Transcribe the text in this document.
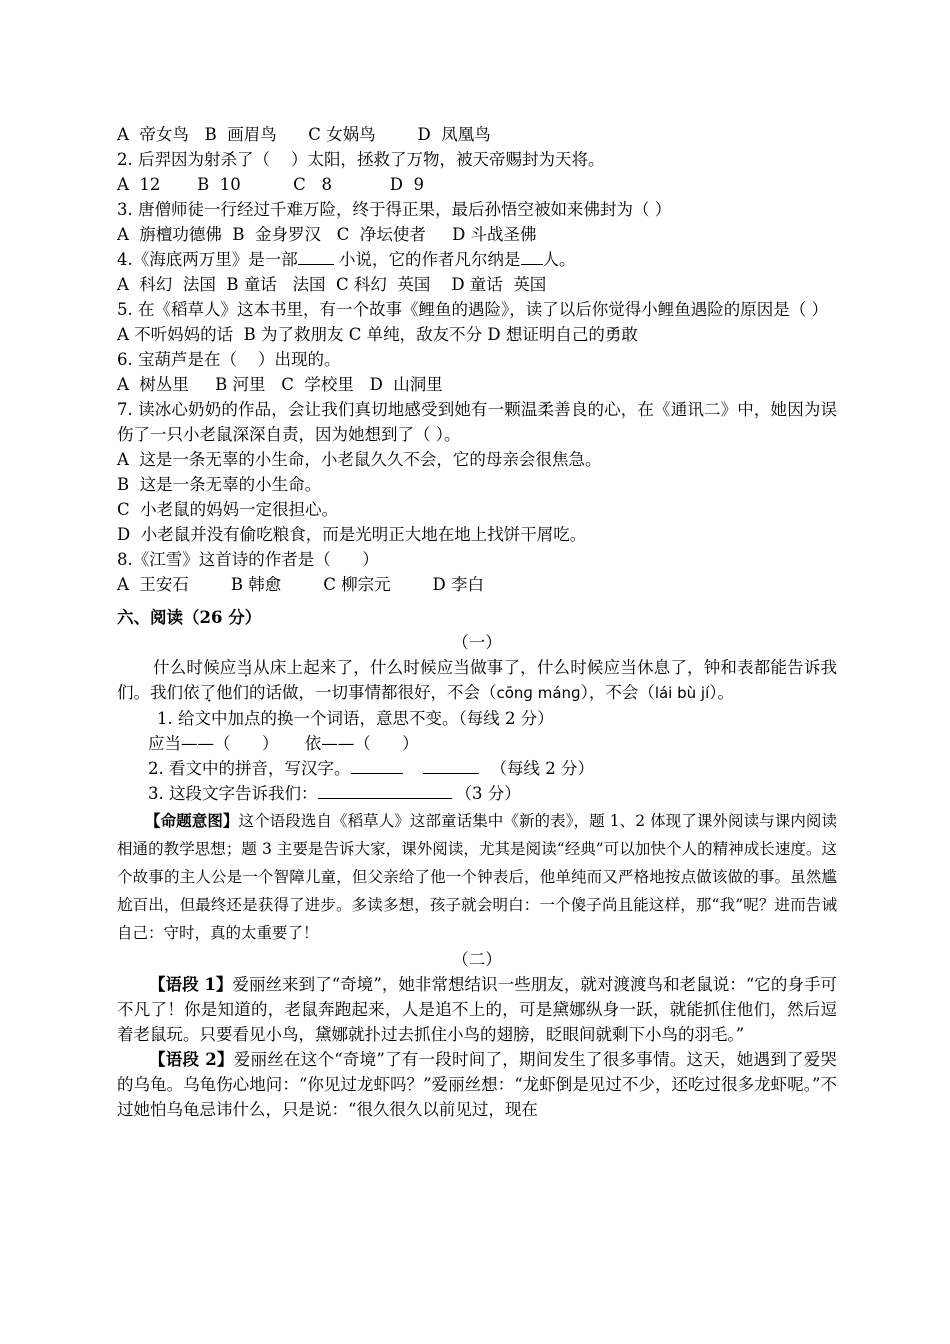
A  帝女鸟   B  画眉鸟      C 女娲鸟        D  凤凰鸟
2. 后羿因为射杀了（    ）太阳，拯救了万物，被天帝赐封为天将。
A  12       B  10          C   8           D  9
3. 唐僧师徒一行经过千难万险，终于得正果，最后孙悟空被如来佛封为（ ）
A  旃檀功德佛  B  金身罗汉   C  净坛使者     D 斗战圣佛
4.《海底两万里》是一部 小说，它的作者凡尔纳是 人。
A  科幻  法国  B 童话   法国  C 科幻  英国    D 童话  英国
5. 在《稻草人》这本书里，有一个故事《鲤鱼的遇险》，读了以后你觉得小鲤鱼遇险的原因是（ ）
A 不听妈妈的话  B 为了救朋友 C 单纯，敌友不分 D 想证明自己的勇敢
6. 宝葫芦是在（    ）出现的。
A  树丛里     B 河里   C  学校里   D  山洞里
7. 读冰心奶奶的作品，会让我们真切地感受到她有一颗温柔善良的心，在《通讯二》中，她因为误伤了一只小老鼠深深自责，因为她想到了（ ）。
A  这是一条无辜的小生命，小老鼠久久不会，它的母亲会很焦急。
B  这是一条无辜的小生命。
C  小老鼠的妈妈一定很担心。
D  小老鼠并没有偷吃粮食，而是光明正大地在地上找饼干屑吃。
8.《江雪》这首诗的作者是（      ）
A  王安石        B 韩愈        C 柳宗元        D 李白
六、阅读（26 分）
（一）
什么时候应当从床上起来了，什么时候应当做事了，什么时候应当休息了，钟和表都能告诉我们。我们依了他们的话做，一切事情都很好，不会（cōnɡ mánɡ），不会（lái bù jí）。
1. 给文中加点的换一个词语，意思不变。（每线 2 分）
应当——（      ）     依——（      ）
2. 看文中的拼音，写汉字。	（每线 2 分）
3. 这段文字告诉我们：	（3 分）
【命题意图】这个语段选自《稻草人》这部童话集中《新的表》，题 1、2 体现了课外阅读与课内阅读相通的教学思想；题 3 主要是告诉大家，课外阅读，尤其是阅读“经典”可以加快个人的精神成长速度。这个故事的主人公是一个智障儿童，但父亲给了他一个钟表后，他单纯而又严格地按点做该做的事。虽然尴尬百出，但最终还是获得了进步。多读多想，孩子就会明白：一个傻子尚且能这样，那“我”呢？进而告诫自己：守时，真的太重要了！
（二）
【语段 1】爱丽丝来到了“奇境”，她非常想结识一些朋友，就对渡渡鸟和老鼠说：“它的身手可不凡了！你是知道的，老鼠奔跑起来，人是追不上的，可是黛娜纵身一跃，就能抓住他们，然后逗着老鼠玩。只要看见小鸟，黛娜就扑过去抓住小鸟的翅膀，眨眼间就剩下小鸟的羽毛。”
【语段 2】爱丽丝在这个“奇境”了有一段时间了，期间发生了很多事情。这天，她遇到了爱哭的乌龟。乌龟伤心地问：“你见过龙虾吗？”爱丽丝想：“龙虾倒是见过不少，还吃过很多龙虾呢。”不过她怕乌龟忌讳什么，只是说：“很久很久以前见过，现在
